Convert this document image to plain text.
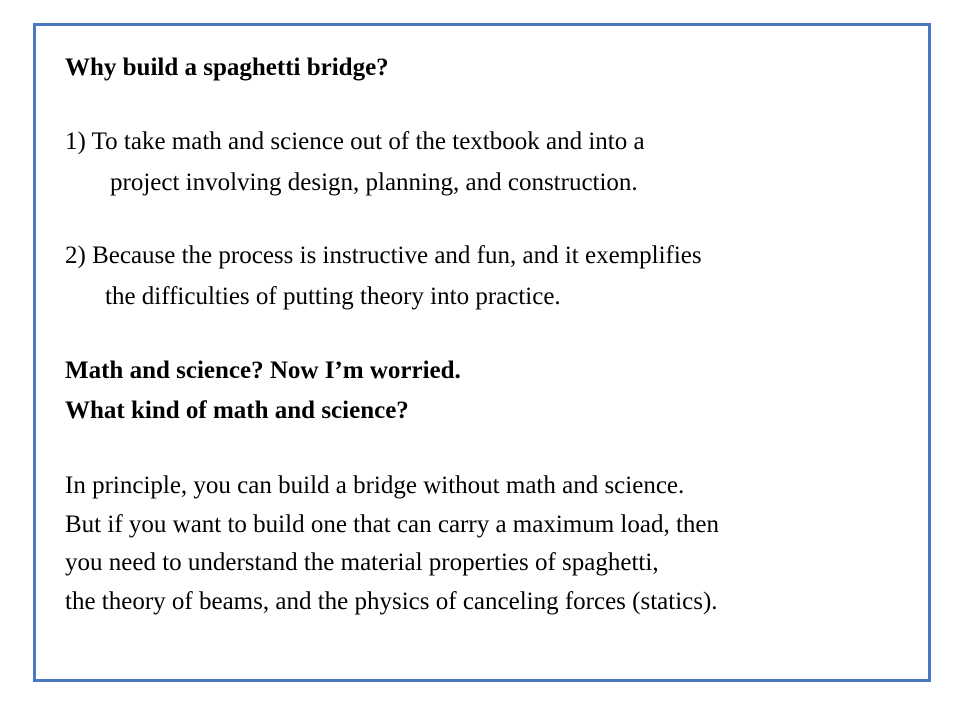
Why build a spaghetti bridge?
1) To take math and science out of the textbook and into a
project involving design, planning, and construction.
2) Because the process is instructive and fun, and it exemplifies
the difficulties of putting theory into practice.
Math and science? Now I’m worried.
What kind of math and science?
In principle, you can build a bridge without math and science.
But if you want to build one that can carry a maximum load, then
you need to understand the material properties of spaghetti,
the theory of beams, and the physics of canceling forces (statics).
